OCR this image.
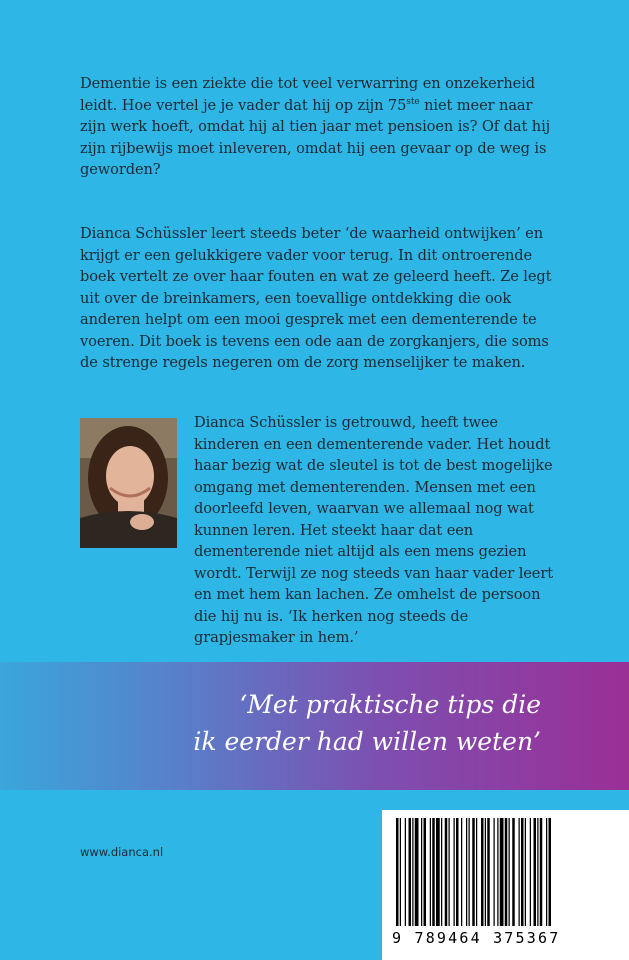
Dementie is een ziekte die tot veel verwarring en onzekerheid leidt. Hoe vertel je je vader dat hij op zijn 75ste niet meer naar zijn werk hoeft, omdat hij al tien jaar met pensioen is? Of dat hij zijn rijbewijs moet inleveren, omdat hij een gevaar op de weg is geworden?

Dianca Schüssler leert steeds beter ‘de waarheid ontwijken’ en krijgt er een gelukkigere vader voor terug. In dit ontroerende boek vertelt ze over haar fouten en wat ze geleerd heeft. Ze legt uit over de breinkamers, een toevallige ontdekking die ook anderen helpt om een mooi gesprek met een dementerende te voeren. Dit boek is tevens een ode aan de zorgkanjers, die soms de strenge regels negeren om de zorg menselijker te maken.

Dianca Schüssler is getrouwd, heeft twee kinderen en een dementerende vader. Het houdt haar bezig wat de sleutel is tot de best mogelijke omgang met dementerenden. Mensen met een doorleefd leven, waarvan we allemaal nog wat kunnen leren. Het steekt haar dat een dementerende niet altijd als een mens gezien wordt. Terwijl ze nog steeds van haar vader leert en met hem kan lachen. Ze omhelst de persoon die hij nu is. ‘Ik herken nog steeds de grapjesmaker in hem.’

‘Met praktische tips die
ik eerder had willen weten’

www.dianca.nl
9 789464 375367
